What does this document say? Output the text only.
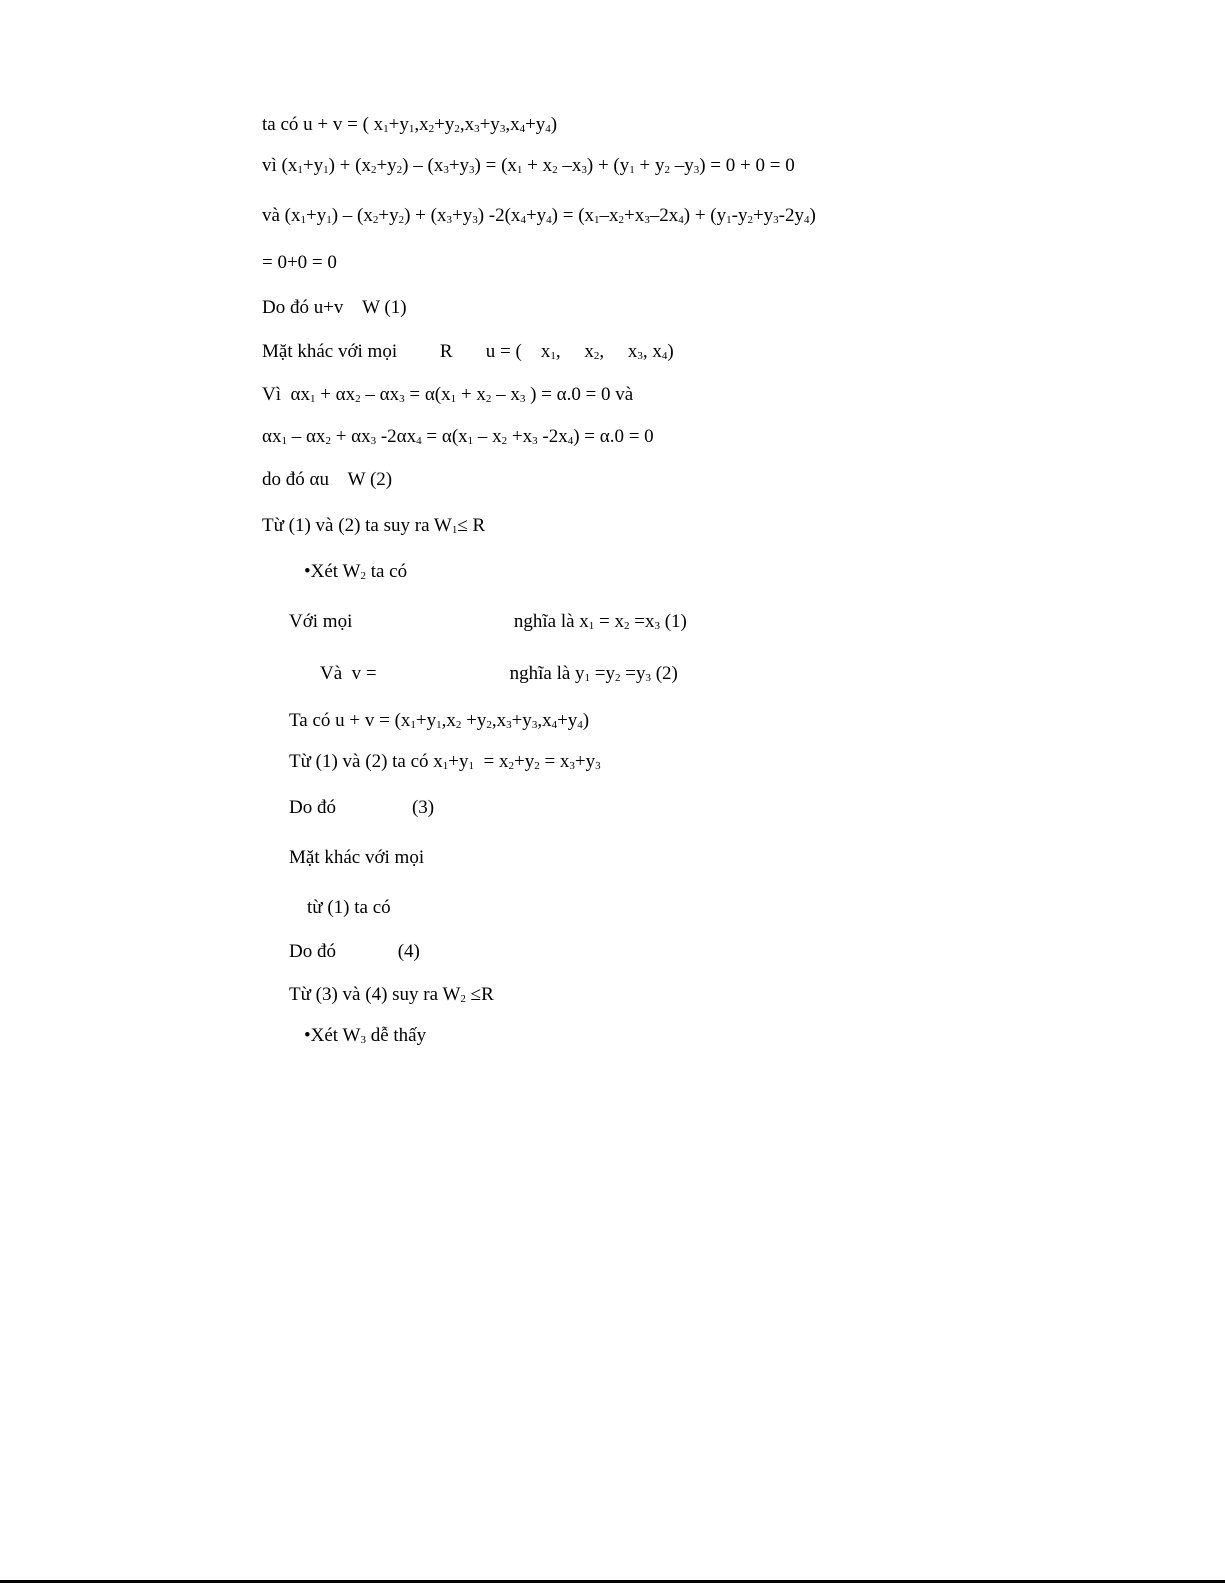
ta có u + v = ( $x_1+y_1,x_2+y_2,x_3+y_3,x_4+y_4$)
vì $(x_1+y_1) + (x_2+y_2) - (x_3+y_3) = (x_1 + x_2$ $-x_3) + (y_1 + y_2$ $-y_3) = 0 + 0 = 0$
và $(x_1+y_1) - (x_2+y_2) + (x_3+y_3) -2(x_4+y_4) = (x_1-x_2+x_3-2x_4) + (y_1-y_2+y_3-2y_4)$
= 0+0 = 0
Do đó u+v    W (1)
Mặt khác với mọi         R       u = (    $x_1$,     $x_2$,     $x_3$, $x_4$)
Vì  $\alpha x_1 + \alpha x_2 - \alpha x_3 = \alpha(x_1 + x_2 - x_3$ ) = α.0 = 0 và
$\alpha x_1 - \alpha x_2 + \alpha x_3$ $-2\alpha x_4 = \alpha(x_1 - x_2 +x_3$ $-2x_4) = \alpha.0 = 0$
do đó αu    W (2)
Từ (1) và (2) ta suy ra $W_1\le R$
•Xét $W_2$ ta có
Với mọi                                  nghĩa là $x_1 = x_2 =x_3$ (1)
Và  v =                            nghĩa là $y_1 =y_2 =y_3$ (2)
Ta có $u + v = (x_1+y_1,x_2 +y_2,x_3+y_3,x_4+y_4)$
Từ (1) và (2) ta có $x_1+y_1 = x_2+y_2 = x_3+y_3$
Do đó                (3)
Mặt khác với mọi
từ (1) ta có
Do đó             (4)
Từ (3) và (4) suy ra $W_2 \le R$
•Xét $W_3$ dễ thấy
